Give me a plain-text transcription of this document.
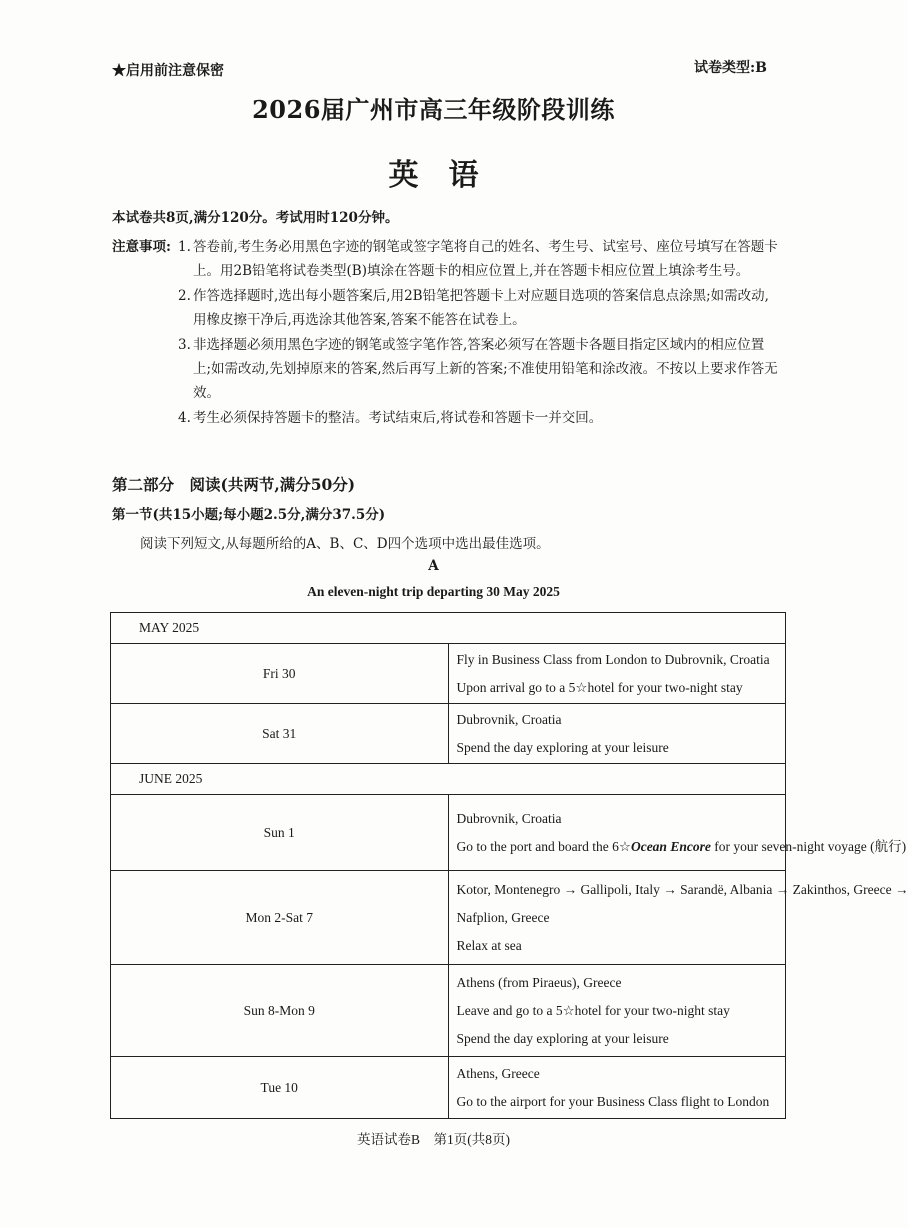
★启用前注意保密	试卷类型:B
2026届广州市高三年级阶段训练
英语
本试卷共8页,满分120分。考试用时120分钟。
注意事项: 1. 答卷前,考生务必用黑色字迹的钢笔或签字笔将自己的姓名、考生号、试室号、座位号填写在答题卡上。用2B铅笔将试卷类型(B)填涂在答题卡的相应位置上,并在答题卡相应位置上填涂考生号。
2. 作答选择题时,选出每小题答案后,用2B铅笔把答题卡上对应题目选项的答案信息点涂黑;如需改动,用橡皮擦干净后,再选涂其他答案,答案不能答在试卷上。
3. 非选择题必须用黑色字迹的钢笔或签字笔作答,答案必须写在答题卡各题目指定区域内的相应位置上;如需改动,先划掉原来的答案,然后再写上新的答案;不准使用铅笔和涂改液。不按以上要求作答无效。
4. 考生必须保持答题卡的整洁。考试结束后,将试卷和答题卡一并交回。
第二部分　阅读(共两节,满分50分)
第一节(共15小题;每小题2.5分,满分37.5分)
阅读下列短文,从每题所给的A、B、C、D四个选项中选出最佳选项。
A
An eleven-night trip departing 30 May 2025
MAY 2025	
Fri 30	Fly in Business Class from London to Dubrovnik, Croatia
Upon arrival go to a 5☆hotel for your two-night stay

Sat 31	Dubrovnik, Croatia
Spend the day exploring at your leisure

JUNE 2025	
Sun 1	Dubrovnik, Croatia
Go to the port and board the 6☆Ocean Encore for your seven-night voyage (航行)

Mon 2-Sat 7	Kotor, Montenegro → Gallipoli, Italy → Sarandë, Albania → Zakinthos, Greece →
Nafplion, Greece
Relax at sea

Sun 8-Mon 9	Athens (from Piraeus), Greece
Leave and go to a 5☆hotel for your two-night stay
Spend the day exploring at your leisure

Tue 10	Athens, Greece
Go to the airport for your Business Class flight to London
英语试卷B　第1页(共8页)
